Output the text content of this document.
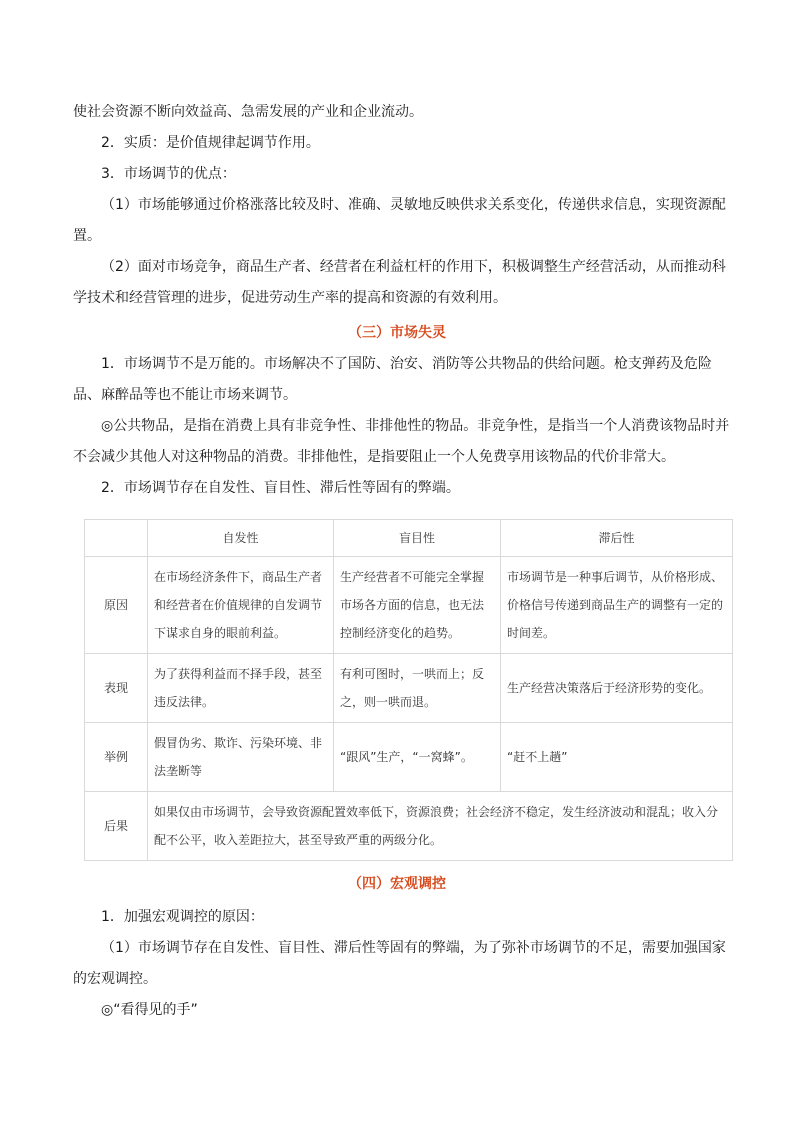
使社会资源不断向效益高、急需发展的产业和企业流动。

2．实质：是价值规律起调节作用。

3．市场调节的优点：

（1）市场能够通过价格涨落比较及时、准确、灵敏地反映供求关系变化，传递供求信息，实现资源配置。

（2）面对市场竞争，商品生产者、经营者在利益杠杆的作用下，积极调整生产经营活动，从而推动科学技术和经营管理的进步，促进劳动生产率的提高和资源的有效利用。

（三）市场失灵

1．市场调节不是万能的。市场解决不了国防、治安、消防等公共物品的供给问题。枪支弹药及危险品、麻醉品等也不能让市场来调节。

◎公共物品，是指在消费上具有非竞争性、非排他性的物品。非竞争性，是指当一个人消费该物品时并不会减少其他人对这种物品的消费。非排他性，是指要阻止一个人免费享用该物品的代价非常大。

2．市场调节存在自发性、盲目性、滞后性等固有的弊端。

	自发性	盲目性	滞后性
原因	在市场经济条件下，商品生产者和经营者在价值规律的自发调节下谋求自身的眼前利益。	生产经营者不可能完全掌握市场各方面的信息，也无法控制经济变化的趋势。	市场调节是一种事后调节，从价格形成、价格信号传递到商品生产的调整有一定的时间差。
表现	为了获得利益而不择手段，甚至违反法律。	有利可图时，一哄而上；反之，则一哄而退。	生产经营决策落后于经济形势的变化。
举例	假冒伪劣、欺诈、污染环境、非法垄断等	“跟风”生产，“一窝蜂”。	“赶不上趟”
后果	如果仅由市场调节，会导致资源配置效率低下，资源浪费；社会经济不稳定，发生经济波动和混乱；收入分配不公平，收入差距拉大，甚至导致严重的两级分化。		
（四）宏观调控

1．加强宏观调控的原因：

（1）市场调节存在自发性、盲目性、滞后性等固有的弊端，为了弥补市场调节的不足，需要加强国家的宏观调控。

◎“看得见的手”
